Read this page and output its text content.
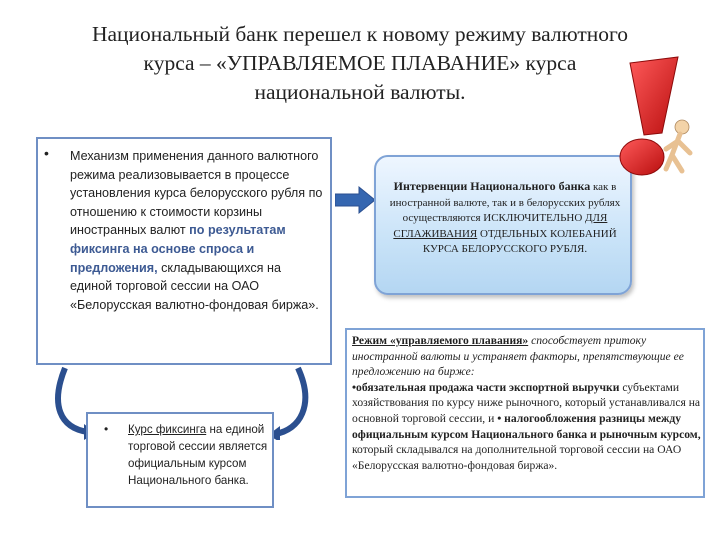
Национальный банк перешел к новому режиму валютного
курса – «УПРАВЛЯЕМОЕ ПЛАВАНИЕ» курса
национальной валюты.
• Механизм применения данного валютного режима реализовывается в процессе установления курса белорусского рубля по отношению к стоимости корзины иностранных валют по результатам фиксинга на основе спроса и предложения, складывающихся на единой торговой сессии на ОАО «Белорусская валютно-фондовая биржа».
• Курс фиксинга на единой торговой сессии является официальным курсом Национального банка.
Интервенции Национального банка как в иностранной валюте, так и в белорусских рублях осуществляются ИСКЛЮЧИТЕЛЬНО ДЛЯ СГЛАЖИВАНИЯ ОТДЕЛЬНЫХ КОЛЕБАНИЙ КУРСА БЕЛОРУССКОГО РУБЛЯ.
Режим «управляемого плавания» способствует притоку иностранной валюты и устраняет факторы, препятствующие ее предложению на бирже:
•обязательная продажа части экспортной выручки субъектами хозяйствования по курсу ниже рыночного, который устанавливался на основной торговой сессии, и • налогообложения разницы между официальным курсом Национального банка и рыночным курсом, который складывался на дополнительной торговой сессии на ОАО «Белорусская валютно-фондовая биржа».
